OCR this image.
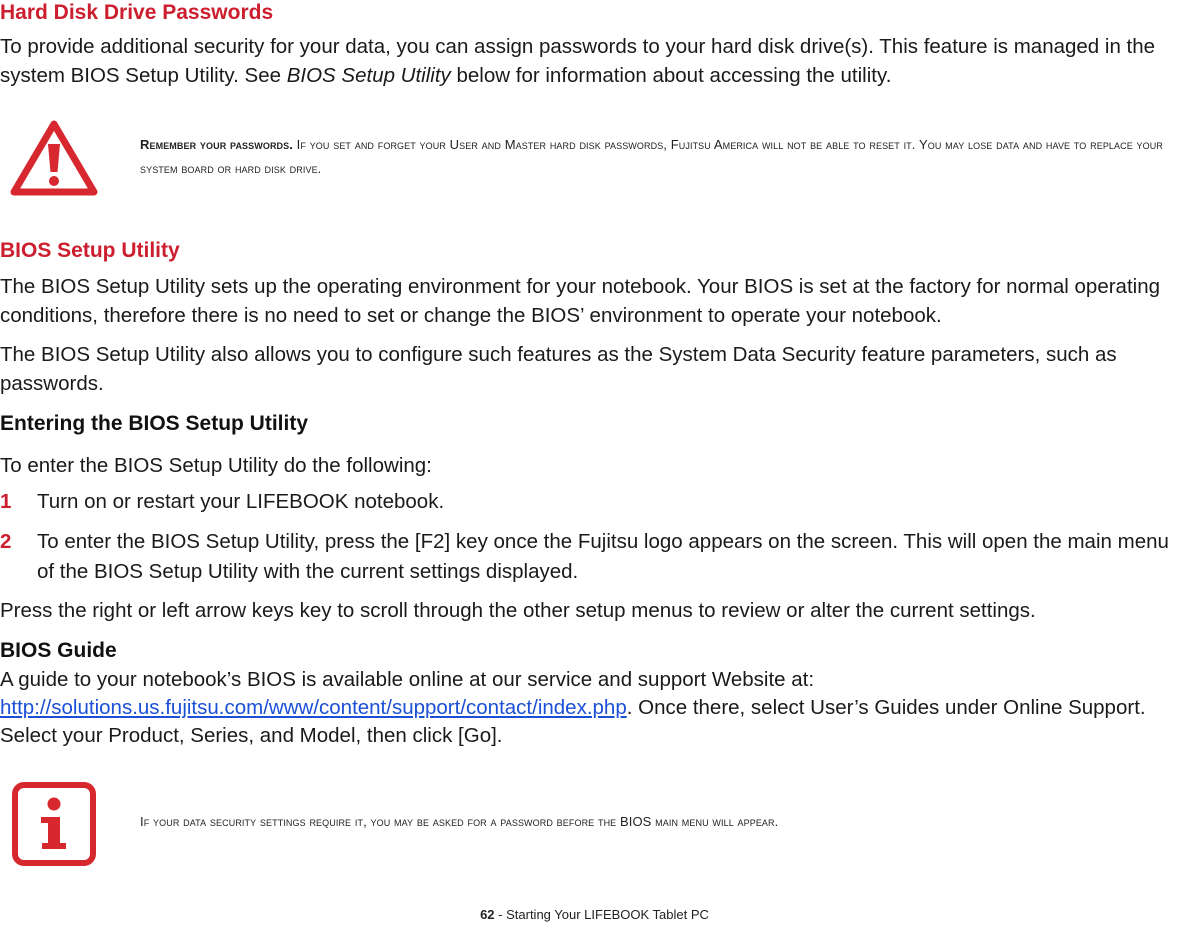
Hard Disk Drive Passwords
To provide additional security for your data, you can assign passwords to your hard disk drive(s). This feature is managed in the system BIOS Setup Utility. See BIOS Setup Utility below for information about accessing the utility.
Remember your passwords. If you set and forget your User and Master hard disk passwords, Fujitsu America will not be able to reset it. You may lose data and have to replace your system board or hard disk drive.
BIOS Setup Utility
The BIOS Setup Utility sets up the operating environment for your notebook. Your BIOS is set at the factory for normal operating conditions, therefore there is no need to set or change the BIOS’ environment to operate your notebook.
The BIOS Setup Utility also allows you to configure such features as the System Data Security feature parameters, such as passwords.
Entering the BIOS Setup Utility
To enter the BIOS Setup Utility do the following:
1 Turn on or restart your LIFEBOOK notebook.
2 To enter the BIOS Setup Utility, press the [F2] key once the Fujitsu logo appears on the screen. This will open the main menu of the BIOS Setup Utility with the current settings displayed.
Press the right or left arrow keys key to scroll through the other setup menus to review or alter the current settings.
BIOS Guide
A guide to your notebook’s BIOS is available online at our service and support Website at:
http://solutions.us.fujitsu.com/www/content/support/contact/index.php. Once there, select User’s Guides under Online Support. Select your Product, Series, and Model, then click [Go].
If your data security settings require it, you may be asked for a password before the BIOS main menu will appear.
62 - Starting Your LIFEBOOK Tablet PC
